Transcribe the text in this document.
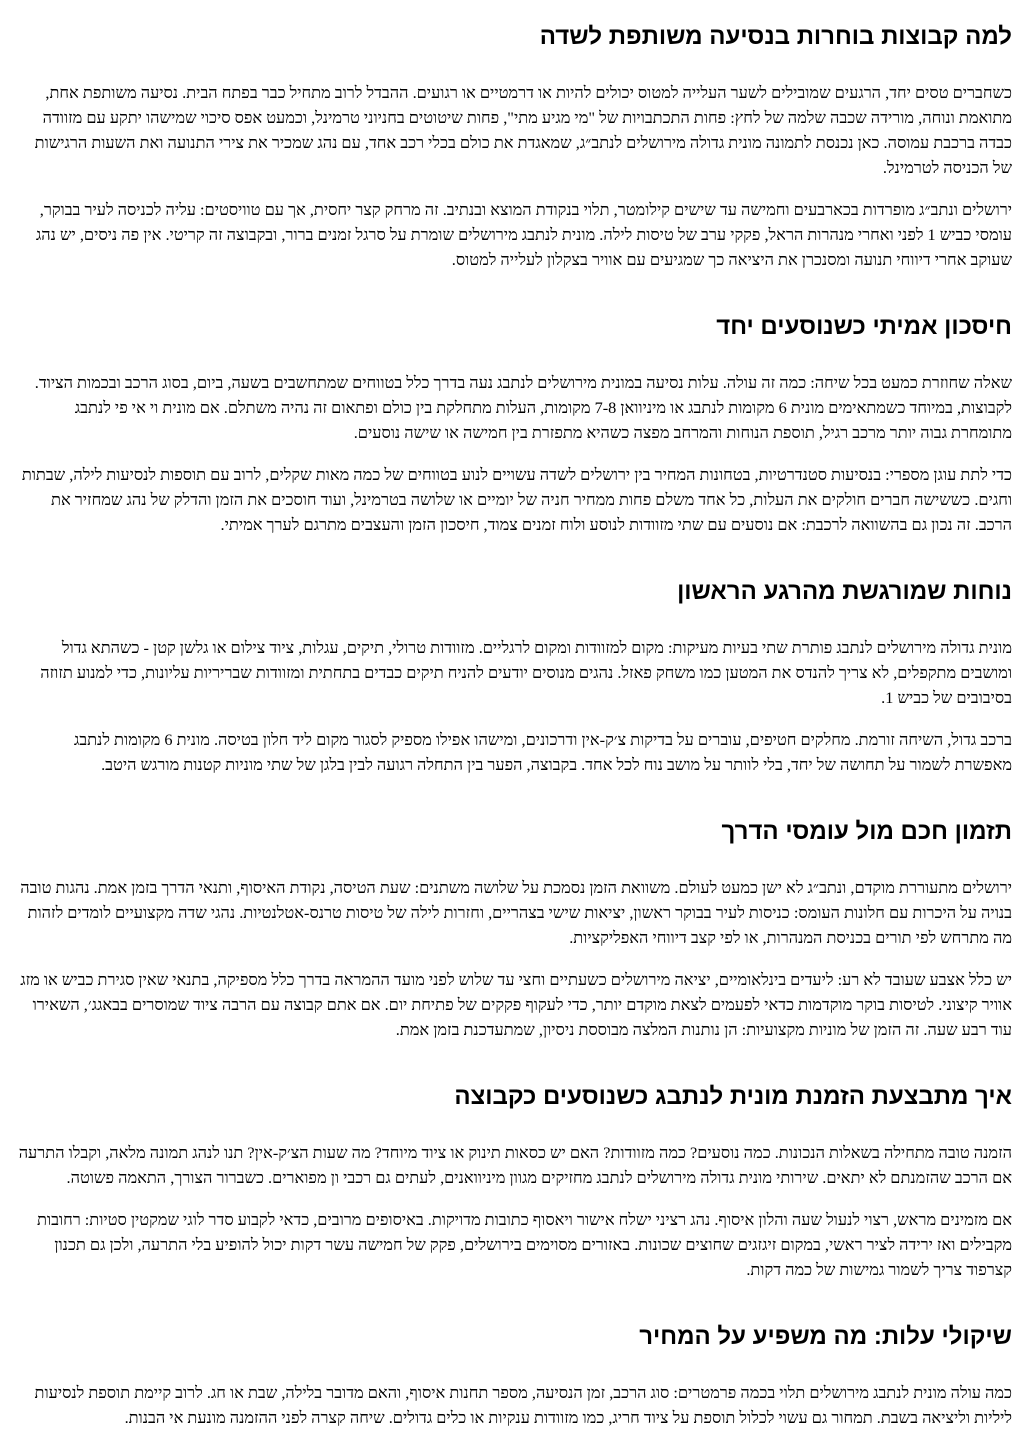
למה קבוצות בוחרות בנסיעה משותפת לשדה

כשחברים טסים יחד, הרגעים שמובילים לשער העלייה למטוס יכולים להיות או דרמטיים או רגועים. ההבדל לרוב מתחיל כבר בפתח הבית. נסיעה משותפת אחת, מתואמת ונוחה, מורידה שכבה שלמה של לחץ: פחות התכתבויות של "מי מגיע מתי", פחות שיטוטים בחניוני טרמינל, וכמעט אפס סיכוי שמישהו יתקע עם מזוודה כבדה ברכבת עמוסה. כאן נכנסת לתמונה מונית גדולה מירושלים לנתב״ג, שמאגדת את כולם בכלי רכב אחד, עם נהג שמכיר את צירי התנועה ואת השעות הרגישות של הכניסה לטרמינל.

ירושלים ונתב״ג מופרדות בכארבעים וחמישה עד שישים קילומטר, תלוי בנקודת המוצא ובנתיב. זה מרחק קצר יחסית, אך עם טוויסטים: עליה לכניסה לעיר בבוקר, עומסי כביש 1 לפני ואחרי מנהרות הראל, פקקי ערב של טיסות לילה. מונית לנתבג מירושלים שומרת על סרגל זמנים ברור, ובקבוצה זה קריטי. אין פה ניסים, יש נהג שעוקב אחרי דיווחי תנועה ומסנכרן את היציאה כך שמגיעים עם אוויר בצקלון לעלייה למטוס.

חיסכון אמיתי כשנוסעים יחד

שאלה שחוזרת כמעט בכל שיחה: כמה זה עולה. עלות נסיעה במונית מירושלים לנתבג נעה בדרך כלל בטווחים שמתחשבים בשעה, ביום, בסוג הרכב ובכמות הציוד. לקבוצות, במיוחד כשמתאימים מונית 6 מקומות לנתבג או מיניוואן 7-8 מקומות, העלות מתחלקת בין כולם ופתאום זה נהיה משתלם. אם מונית וי אי פי לנתבג מתומחרת גבוה יותר מרכב רגיל, תוספת הנוחות והמרחב מפצה כשהיא מתפזרת בין חמישה או שישה נוסעים.

כדי לתת עוגן מספרי: בנסיעות סטנדרטיות, בטחונות המחיר בין ירושלים לשדה עשויים לנוע בטווחים של כמה מאות שקלים, לרוב עם תוספות לנסיעות לילה, שבתות וחגים. כששישה חברים חולקים את העלות, כל אחד משלם פחות ממחיר חניה של יומיים או שלושה בטרמינל, ועוד חוסכים את הזמן והדלק של נהג שמחזיר את הרכב. זה נכון גם בהשוואה לרכבת: אם נוסעים עם שתי מזוודות לנוסע ולוח זמנים צמוד, חיסכון הזמן והעצבים מתרגם לערך אמיתי.

נוחות שמורגשת מהרגע הראשון

מונית גדולה מירושלים לנתבג פותרת שתי בעיות מעיקות: מקום למזוודות ומקום לרגליים. מזוודות טרולי, תיקים, עגלות, ציוד צילום או גלשן קטן - כשהתא גדול ומושבים מתקפלים, לא צריך להנדס את המטען כמו משחק פאזל. נהגים מנוסים יודעים להניח תיקים כבדים בתחתית ומזוודות שבריריות עליונות, כדי למנוע תזוזה בסיבובים של כביש 1.

ברכב גדול, השיחה זורמת. מחלקים חטיפים, עוברים על בדיקות צ׳ק-אין ודרכונים, ומישהו אפילו מספיק לסגור מקום ליד חלון בטיסה. מונית 6 מקומות לנתבג מאפשרת לשמור על תחושה של יחד, בלי לוותר על מושב נוח לכל אחד. בקבוצה, הפער בין התחלה רגועה לבין בלגן של שתי מוניות קטנות מורגש היטב.

תזמון חכם מול עומסי הדרך

ירושלים מתעוררת מוקדם, ונתב״ג לא ישן כמעט לעולם. משוואת הזמן נסמכת על שלושה משתנים: שעת הטיסה, נקודת האיסוף, ותנאי הדרך בזמן אמת. נהגות טובה בנויה על היכרות עם חלונות העומס: כניסות לעיר בבוקר ראשון, יציאות שישי בצהריים, וחזרות לילה של טיסות טרנס-אטלנטיות. נהגי שדה מקצועיים לומדים לזהות מה מתרחש לפי תורים בכניסת המנהרות, או לפי קצב דיווחי האפליקציות.

יש כלל אצבע שעובד לא רע: ליעדים בינלאומיים, יציאה מירושלים כשעתיים וחצי עד שלוש לפני מועד ההמראה בדרך כלל מספיקה, בתנאי שאין סגירת כביש או מזג אוויר קיצוני. לטיסות בוקר מוקדמות כדאי לפעמים לצאת מוקדם יותר, כדי לעקוף פקקים של פתיחת יום. אם אתם קבוצה עם הרבה ציוד שמוסרים בבאגג׳, השאירו עוד רבע שעה. זה הזמן של מוניות מקצועיות: הן נותנות המלצה מבוססת ניסיון, שמתעדכנת בזמן אמת.

איך מתבצעת הזמנת מונית לנתבג כשנוסעים כקבוצה

הזמנה טובה מתחילה בשאלות הנכונות. כמה נוסעים? כמה מזוודות? האם יש כסאות תינוק או ציוד מיוחד? מה שעות הצ׳ק-אין? תנו לנהג תמונה מלאה, וקבלו התרעה אם הרכב שהזמנתם לא יתאים. שירותי מונית גדולה מירושלים לנתבג מחזיקים מגוון מיניוואנים, לעתים גם רכבי ון מפוארים. כשברור הצורך, התאמה פשוטה.

אם מזמינים מראש, רצוי לנעול שעה והלון איסוף. נהג רציני ישלח אישור ויאסוף כתובות מדויקות. באיסופים מרובים, כדאי לקבוע סדר לוגי שמקטין סטיות: רחובות מקבילים ואז ירידה לציר ראשי, במקום זיגזגים שחוצים שכונות. באזורים מסוימים בירושלים, פקק של חמישה עשר דקות יכול להופיע בלי התרעה, ולכן גם תכנון קצרפוד צריך לשמור גמישות של כמה דקות.

שיקולי עלות: מה משפיע על המחיר

כמה עולה מונית לנתבג מירושלים תלוי בכמה פרמטרים: סוג הרכב, זמן הנסיעה, מספר תחנות איסוף, והאם מדובר בלילה, שבת או חג. לרוב קיימת תוספת לנסיעות ליליות וליציאה בשבת. תמחור גם עשוי לכלול תוספת על ציוד חריג, כמו מזוודות ענקיות או כלים גדולים. שיחה קצרה לפני ההזמנה מונעת אי הבנות.
